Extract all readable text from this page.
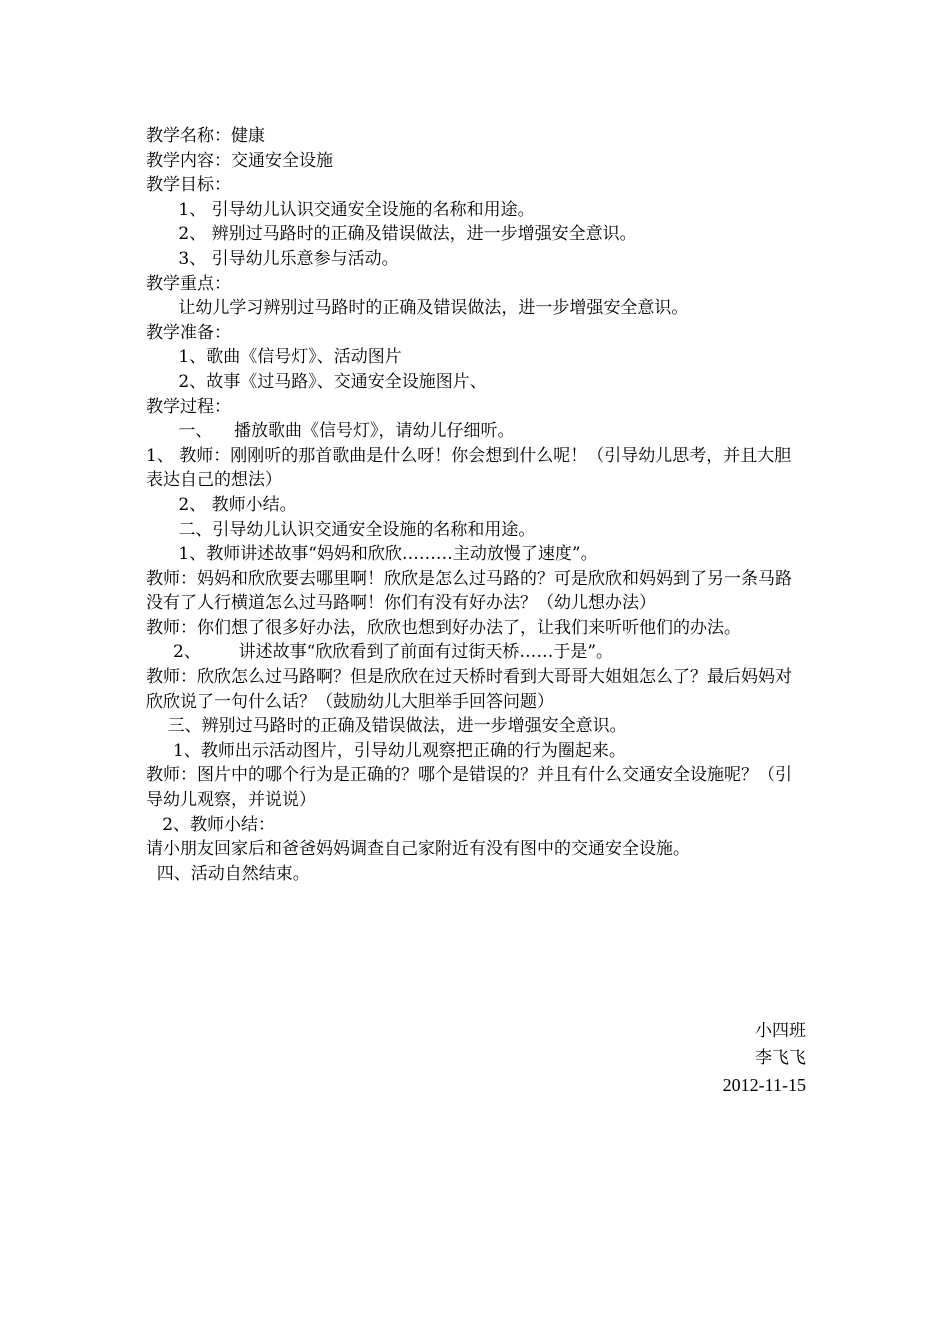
教学名称：健康
教学内容：交通安全设施
教学目标：
1、 引导幼儿认识交通安全设施的名称和用途。
2、 辨别过马路时的正确及错误做法，进一步增强安全意识。
3、 引导幼儿乐意参与活动。
教学重点：
让幼儿学习辨别过马路时的正确及错误做法，进一步增强安全意识。
教学准备：
1、歌曲《信号灯》、活动图片
2、故事《过马路》、交通安全设施图片、
教学过程：
一、    播放歌曲《信号灯》，请幼儿仔细听。
1、 教师：刚刚听的那首歌曲是什么呀！你会想到什么呢！（引导幼儿思考，并且大胆表达自己的想法）
2、 教师小结。
二、引导幼儿认识交通安全设施的名称和用途。
1、教师讲述故事“妈妈和欣欣………主动放慢了速度”。
教师：妈妈和欣欣要去哪里啊！欣欣是怎么过马路的？可是欣欣和妈妈到了另一条马路没有了人行横道怎么过马路啊！你们有没有好办法？（幼儿想办法）
教师：你们想了很多好办法，欣欣也想到好办法了，让我们来听听他们的办法。
2、       讲述故事“欣欣看到了前面有过街天桥……于是”。
教师：欣欣怎么过马路啊？但是欣欣在过天桥时看到大哥哥大姐姐怎么了？最后妈妈对欣欣说了一句什么话？（鼓励幼儿大胆举手回答问题）
三、辨别过马路时的正确及错误做法，进一步增强安全意识。
1、教师出示活动图片，引导幼儿观察把正确的行为圈起来。
教师：图片中的哪个行为是正确的？哪个是错误的？并且有什么交通安全设施呢？（引导幼儿观察，并说说）
2、教师小结：
请小朋友回家后和爸爸妈妈调查自己家附近有没有图中的交通安全设施。
四、活动自然结束。
小四班
李飞飞
2012-11-15
